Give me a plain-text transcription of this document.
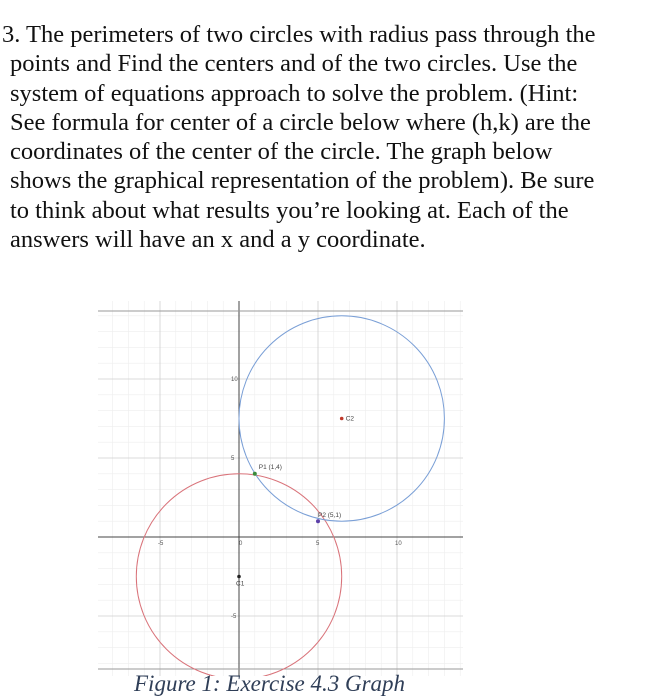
3. The perimeters of two circles with radius pass through the
points and Find the centers and of the two circles. Use the
system of equations approach to solve the problem. (Hint:
See formula for center of a circle below where (h,k) are the
coordinates of the center of the circle. The graph below
shows the graphical representation of the problem). Be sure
to think about what results you’re looking at. Each of the
answers will have an x and a y coordinate.
-5	0	5	10
10
5
-5
P1 (1,4)
P2 (5,1)
C1
C2

Figure 1: Exercise 4.3 Graph
